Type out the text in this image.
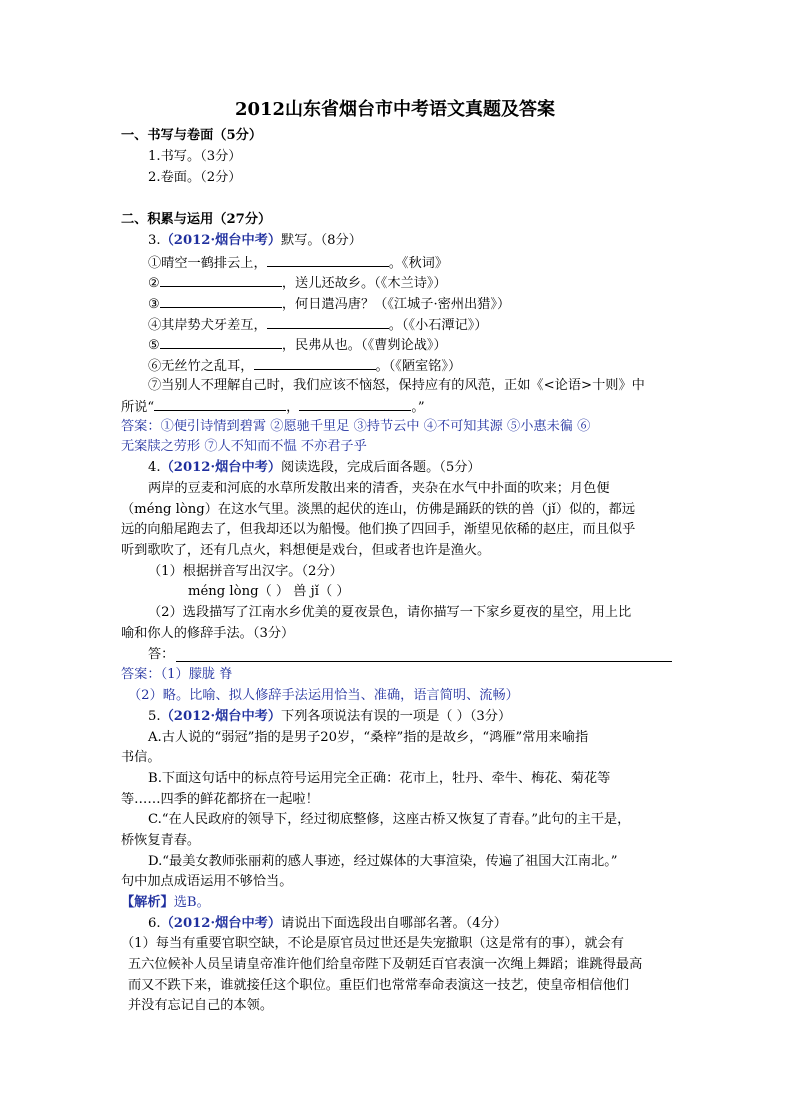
2012山东省烟台市中考语文真题及答案
一、书写与卷面（5分）
1.书写。（3分）
2.卷面。（2分）
二、积累与运用（27分）
3.（2012·烟台中考）默写。（8分）
①晴空一鹤排云上，	。《秋词》
②	，送儿还故乡。（《木兰诗》）
③	，何日遣冯唐？（《江城子·密州出猎》）
④其岸势犬牙差互，	。（《小石潭记》）
⑤	，民弗从也。（《曹刿论战》）
⑥无丝竹之乱耳，	。（《陋室铭》）
⑦当别人不理解自己时，我们应该不恼怒，保持应有的风范，正如《<论语>十则》中
所说“	，	。”
答案：①便引诗情到碧霄 ②愿驰千里足 ③持节云中 ④不可知其源 ⑤小惠未徧 ⑥
无案牍之劳形 ⑦人不知而不愠 不亦君子乎
4.（2012·烟台中考）阅读选段，完成后面各题。（5分）
两岸的豆麦和河底的水草所发散出来的清香，夹杂在水气中扑面的吹来；月色便
（méng lòng）在这水气里。淡黑的起伏的连山，仿佛是踊跃的铁的兽（jǐ）似的，都远
远的向船尾跑去了，但我却还以为船慢。他们换了四回手，渐望见依稀的赵庄，而且似乎
听到歌吹了，还有几点火，料想便是戏台，但或者也许是渔火。
（1）根据拼音写出汉字。（2分）
méng lòng（ ） 兽 jǐ（ ）
（2）选段描写了江南水乡优美的夏夜景色，请你描写一下家乡夏夜的星空，用上比
喻和你人的修辞手法。（3分）
答：
答案：（1）朦胧 脊
（2）略。比喻、拟人修辞手法运用恰当、准确，语言简明、流畅）
5.（2012·烟台中考）下列各项说法有误的一项是（ ）（3分）
A.古人说的“弱冠”指的是男子20岁，“桑梓”指的是故乡，“鸿雁”常用来喻指
书信。
B.下面这句话中的标点符号运用完全正确：花市上，牡丹、牵牛、梅花、菊花等
等……四季的鲜花都挤在一起啦！
C.“在人民政府的领导下，经过彻底整修，这座古桥又恢复了青春。”此句的主干是，
桥恢复青春。
D.“最美女教师张丽莉的感人事迹，经过媒体的大事渲染，传遍了祖国大江南北。”
句中加点成语运用不够恰当。
【解析】选B。
6.（2012·烟台中考）请说出下面选段出自哪部名著。（4分）
（1）每当有重要官职空缺，不论是原官员过世还是失宠撤职（这是常有的事），就会有
五六位候补人员呈请皇帝准许他们给皇帝陛下及朝廷百官表演一次绳上舞蹈；谁跳得最高
而又不跌下来，谁就接任这个职位。重臣们也常常奉命表演这一技艺，使皇帝相信他们
并没有忘记自己的本领。
